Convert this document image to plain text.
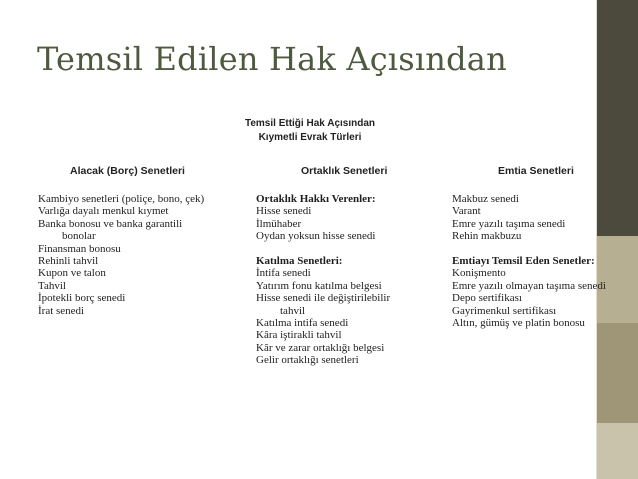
Temsil Edilen Hak Açısından
Temsil Ettiği Hak Açısından
Kıymetli Evrak Türleri
Alacak (Borç) Senetleri	Ortaklık Senetleri	Emtia Senetleri
Kambiyo senetleri (poliçe, bono, çek)
Varlığa dayalı menkul kıymet
Banka bonosu ve banka garantili
bonolar
Finansman bonosu
Rehinli tahvil
Kupon ve talon
Tahvil
İpotekli borç senedi
İrat senedi
Ortaklık Hakkı Verenler:
Hisse senedi
İlmühaber
Oydan yoksun hisse senedi
Katılma Senetleri:
İntifa senedi
Yatırım fonu katılma belgesi
Hisse senedi ile değiştirilebilir
tahvil
Katılma intifa senedi
Kâra iştirakli tahvil
Kâr ve zarar ortaklığı belgesi
Gelir ortaklığı senetleri
Makbuz senedi
Varant
Emre yazılı taşıma senedi
Rehin makbuzu
Emtiayı Temsil Eden Senetler:
Konişmento
Emre yazılı olmayan taşıma senedi
Depo sertifikası
Gayrimenkul sertifikası
Altın, gümüş ve platin bonosu
